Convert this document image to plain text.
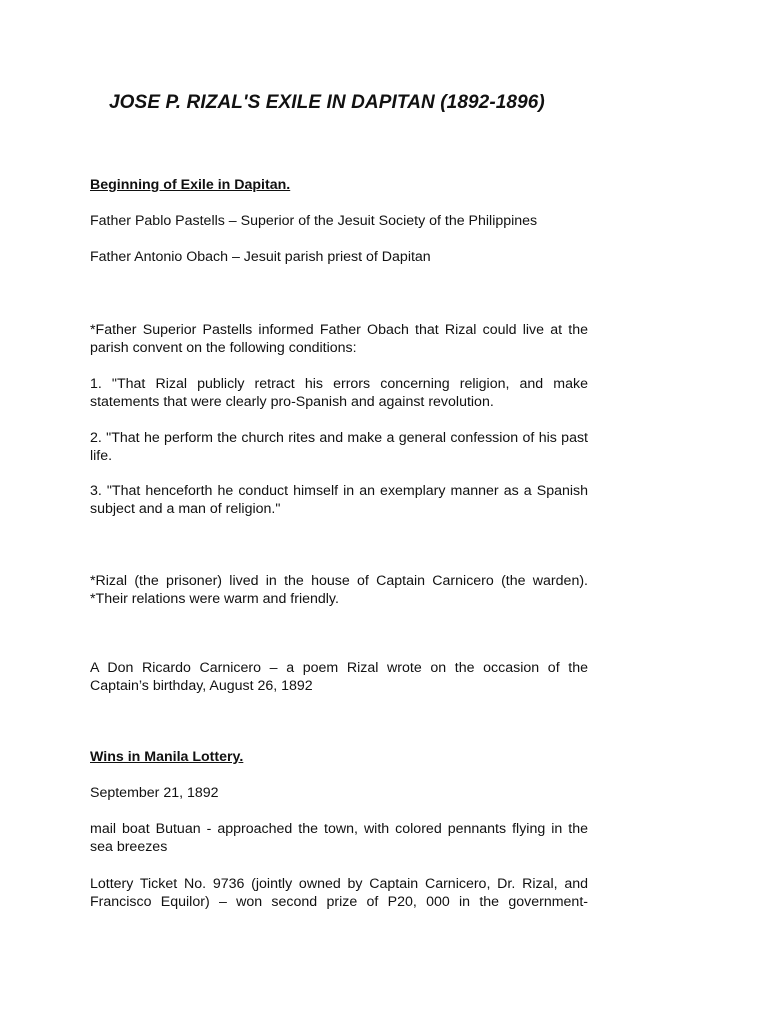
JOSE P. RIZAL'S EXILE IN DAPITAN (1892-1896)
Beginning of Exile in Dapitan.
Father Pablo Pastells – Superior of the Jesuit Society of the Philippines
Father Antonio Obach – Jesuit parish priest of Dapitan
*Father Superior Pastells informed Father Obach that Rizal could live at the parish convent on the following conditions:
1. "That Rizal publicly retract his errors concerning religion, and make statements that were clearly pro-Spanish and against revolution.
2. "That he perform the church rites and make a general confession of his past life.
3. "That henceforth he conduct himself in an exemplary manner as a Spanish subject and a man of religion."
*Rizal (the prisoner) lived in the house of Captain Carnicero (the warden).
*Their relations were warm and friendly.
A Don Ricardo Carnicero – a poem Rizal wrote on the occasion of the Captain’s birthday, August 26, 1892
Wins in Manila Lottery.
September 21, 1892
mail boat Butuan - approached the town, with colored pennants flying in the sea breezes
Lottery Ticket No. 9736 (jointly owned by Captain Carnicero, Dr. Rizal, and Francisco Equilor) – won second prize of P20, 000 in the government-
